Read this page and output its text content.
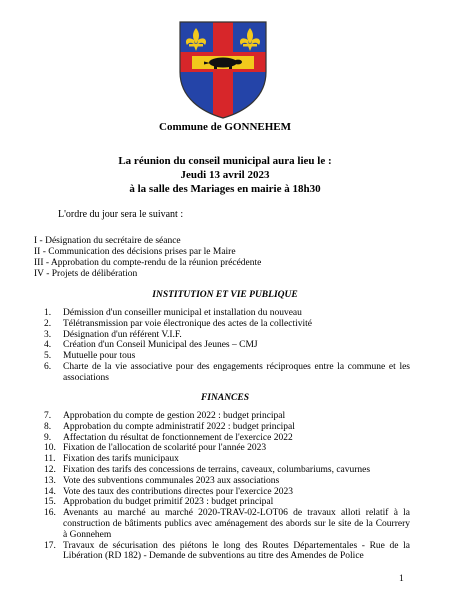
Commune de GONNEHEM
La réunion du conseil municipal aura lieu le :
Jeudi 13 avril 2023
à la salle des Mariages en mairie à 18h30
L'ordre du jour sera le suivant :
I - Désignation du secrétaire de séance
II - Communication des décisions prises par le Maire
III - Approbation du compte-rendu de la réunion précédente
IV - Projets de délibération
INSTITUTION ET VIE PUBLIQUE
1. Démission d'un conseiller municipal et installation du nouveau
2. Télétransmission par voie électronique des actes de la collectivité
3. Désignation d'un référent V.I.F.
4. Création d'un Conseil Municipal des Jeunes – CMJ
5. Mutuelle pour tous
6. Charte de la vie associative pour des engagements réciproques entre la commune et les associations
FINANCES
7. Approbation du compte de gestion 2022 : budget principal
8. Approbation du compte administratif 2022 : budget principal
9. Affectation du résultat de fonctionnement de l'exercice 2022
10. Fixation de l'allocation de scolarité pour l'année 2023
11. Fixation des tarifs municipaux
12. Fixation des tarifs des concessions de terrains, caveaux, columbariums, cavurnes
13. Vote des subventions communales 2023 aux associations
14. Vote des taux des contributions directes pour l'exercice 2023
15. Approbation du budget primitif 2023 : budget principal
16. Avenants au marché au marché 2020-TRAV-02-LOT06 de travaux alloti relatif à la construction de bâtiments publics avec aménagement des abords sur le site de la Courrery à Gonnehem
17. Travaux de sécurisation des piétons le long des Routes Départementales - Rue de la Libération (RD 182) - Demande de subventions au titre des Amendes de Police
1
